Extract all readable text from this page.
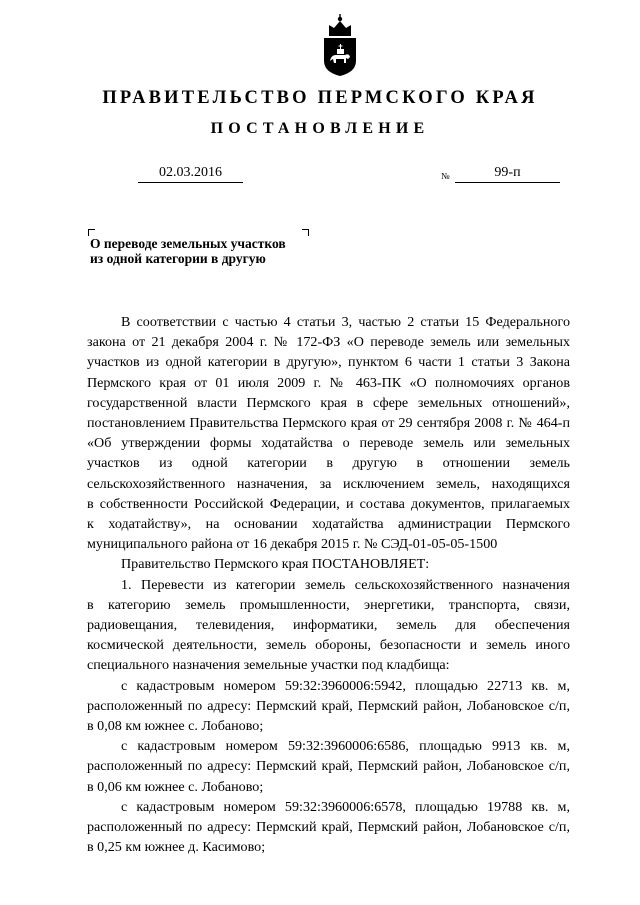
ПРАВИТЕЛЬСТВО ПЕРМСКОГО КРАЯ
ПОСТАНОВЛЕНИЕ
02.03.2016	№	99-п
О переводе земельных участков
из одной категории в другую

В соответствии с частью 4 статьи 3, частью 2 статьи 15 Федерального

закона от 21 декабря 2004 г. № 172-ФЗ «О переводе земель или земельных

участков из одной категории в другую», пунктом 6 части 1 статьи 3 Закона

Пермского края от 01 июля 2009 г. № 463-ПК «О полномочиях органов

государственной власти Пермского края в сфере земельных отношений»,

постановлением Правительства Пермского края от 29 сентября 2008 г. № 464-п

«Об утверждении формы ходатайства о переводе земель или земельных

участков из одной категории в другую в отношении земель

сельскохозяйственного назначения, за исключением земель, находящихся

в собственности Российской Федерации, и состава документов, прилагаемых

к ходатайству», на основании ходатайства администрации Пермского

муниципального района от 16 декабря 2015 г. № СЭД-01-05-05-1500

Правительство Пермского края ПОСТАНОВЛЯЕТ:

1. Перевести из категории земель сельскохозяйственного назначения

в категорию земель промышленности, энергетики, транспорта, связи,

радиовещания, телевидения, информатики, земель для обеспечения

космической деятельности, земель обороны, безопасности и земель иного

специального назначения земельные участки под кладбища:

с кадастровым номером 59:32:3960006:5942, площадью 22713 кв. м,

расположенный по адресу: Пермский край, Пермский район, Лобановское с/п,

в 0,08 км южнее с. Лобаново;

с кадастровым номером 59:32:3960006:6586, площадью 9913 кв. м,

расположенный по адресу: Пермский край, Пермский район, Лобановское с/п,

в 0,06 км южнее с. Лобаново;

с кадастровым номером 59:32:3960006:6578, площадью 19788 кв. м,

расположенный по адресу: Пермский край, Пермский район, Лобановское с/п,

в 0,25 км южнее д. Касимово;
